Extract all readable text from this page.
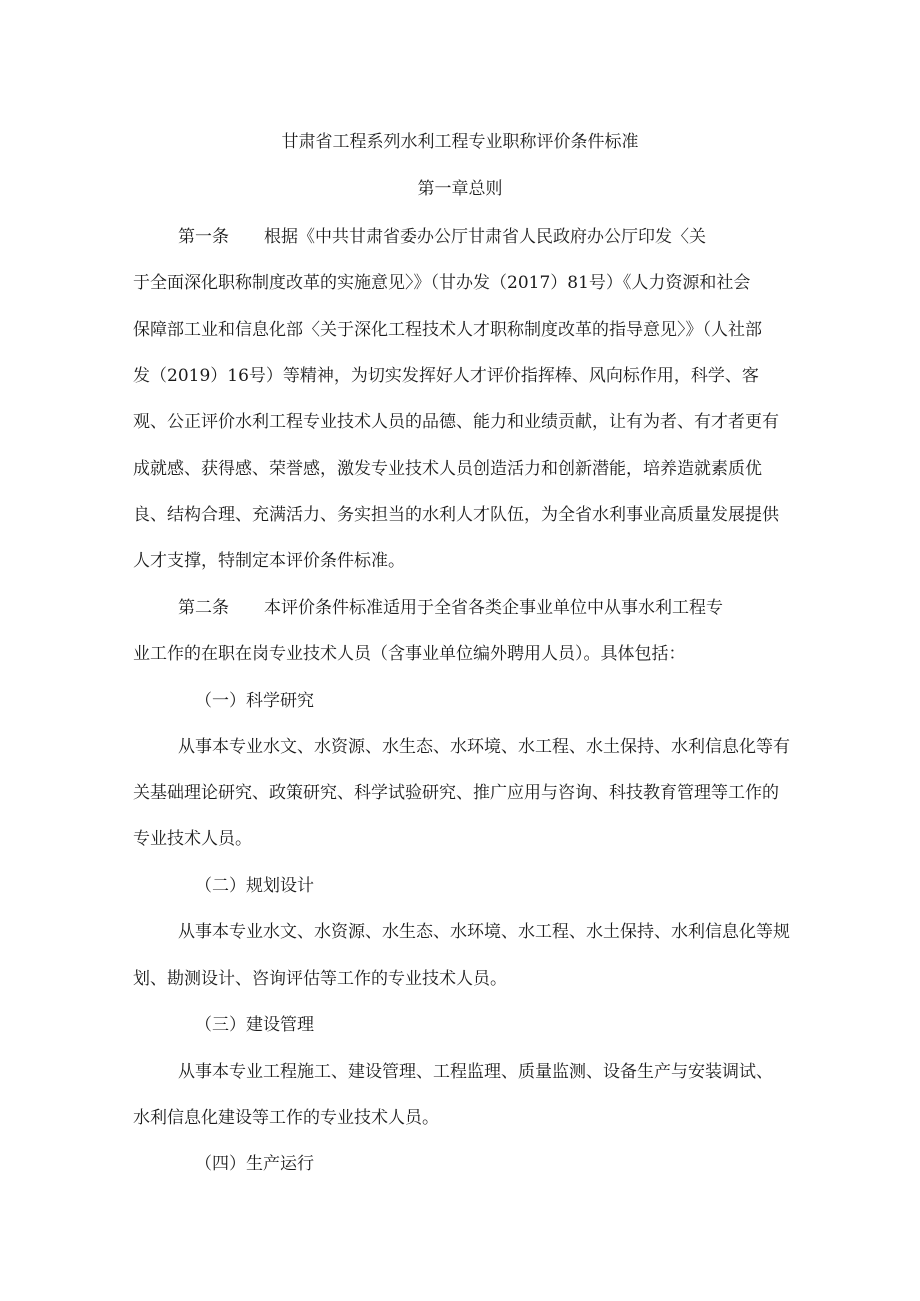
甘肃省工程系列水利工程专业职称评价条件标准
第一章总则
第一条 根据《中共甘肃省委办公厅甘肃省人民政府办公厅印发〈关
于全面深化职称制度改革的实施意见〉》（甘办发（2017）81号）《人力资源和社会
保障部工业和信息化部〈关于深化工程技术人才职称制度改革的指导意见〉》（人社部
发（2019）16号）等精神，为切实发挥好人才评价指挥棒、风向标作用，科学、客
观、公正评价水利工程专业技术人员的品德、能力和业绩贡献，让有为者、有才者更有
成就感、获得感、荣誉感，激发专业技术人员创造活力和创新潜能，培养造就素质优
良、结构合理、充满活力、务实担当的水利人才队伍，为全省水利事业高质量发展提供
人才支撑，特制定本评价条件标准。
第二条 本评价条件标准适用于全省各类企事业单位中从事水利工程专
业工作的在职在岗专业技术人员（含事业单位编外聘用人员）。具体包括：
（一）科学研究
从事本专业水文、水资源、水生态、水环境、水工程、水土保持、水利信息化等有
关基础理论研究、政策研究、科学试验研究、推广应用与咨询、科技教育管理等工作的
专业技术人员。
（二）规划设计
从事本专业水文、水资源、水生态、水环境、水工程、水土保持、水利信息化等规
划、勘测设计、咨询评估等工作的专业技术人员。
（三）建设管理
从事本专业工程施工、建设管理、工程监理、质量监测、设备生产与安装调试、
水利信息化建设等工作的专业技术人员。
（四）生产运行
